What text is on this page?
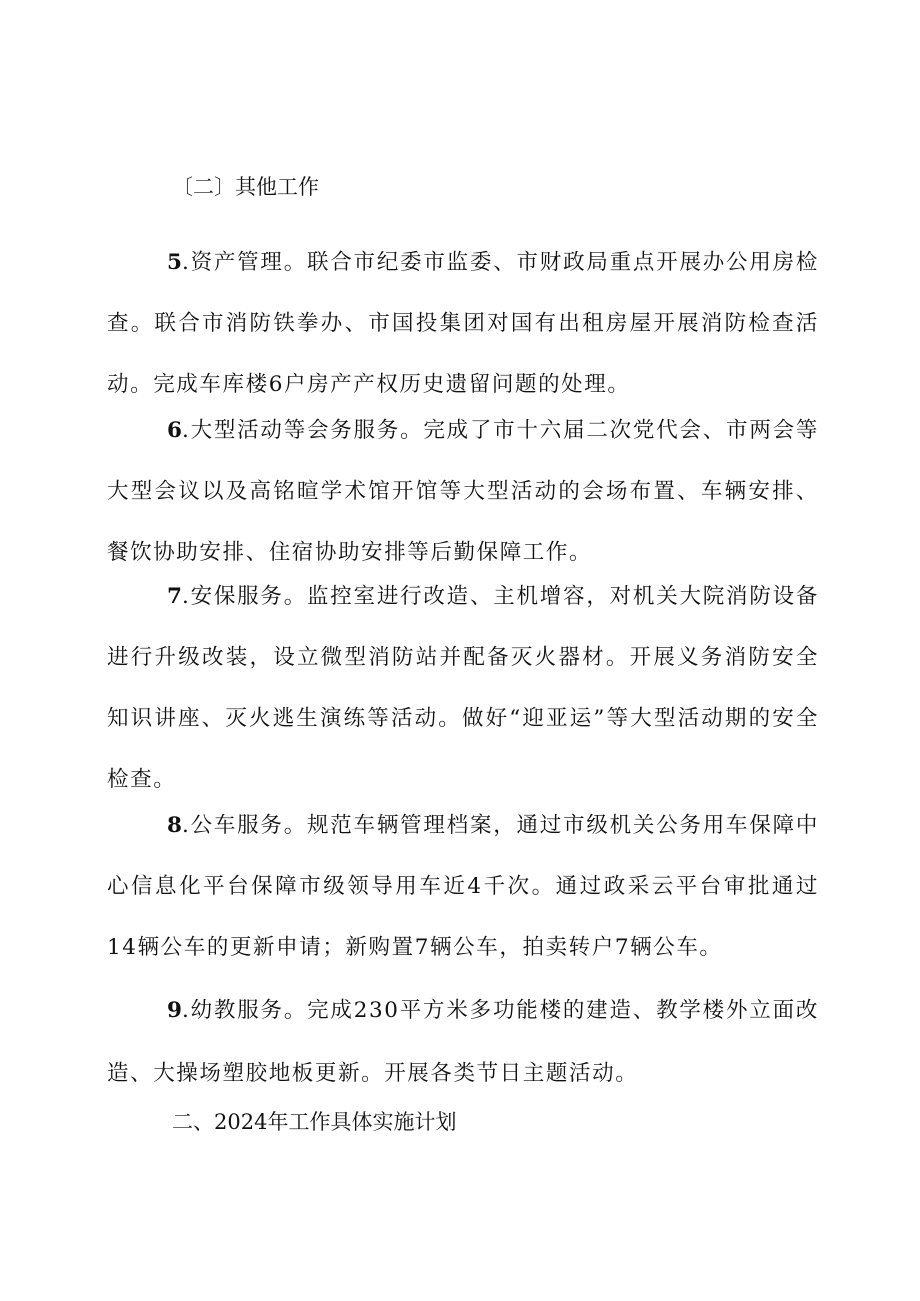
〔二〕其他工作

5.资产管理。联合市纪委市监委、市财政局重点开展办公用房检查。联合市消防铁拳办、市国投集团对国有出租房屋开展消防检查活动。完成车库楼6户房产产权历史遗留问题的处理。

6.大型活动等会务服务。完成了市十六届二次党代会、市两会等大型会议以及高铭暄学术馆开馆等大型活动的会场布置、车辆安排、餐饮协助安排、住宿协助安排等后勤保障工作。

7.安保服务。监控室进行改造、主机增容，对机关大院消防设备进行升级改装，设立微型消防站并配备灭火器材。开展义务消防安全知识讲座、灭火逃生演练等活动。做好“迎亚运”等大型活动期的安全检查。

8.公车服务。规范车辆管理档案，通过市级机关公务用车保障中心信息化平台保障市级领导用车近4千次。通过政采云平台审批通过14辆公车的更新申请；新购置7辆公车，拍卖转户7辆公车。

9.幼教服务。完成230平方米多功能楼的建造、教学楼外立面改造、大操场塑胶地板更新。开展各类节日主题活动。

二、2024年工作具体实施计划
